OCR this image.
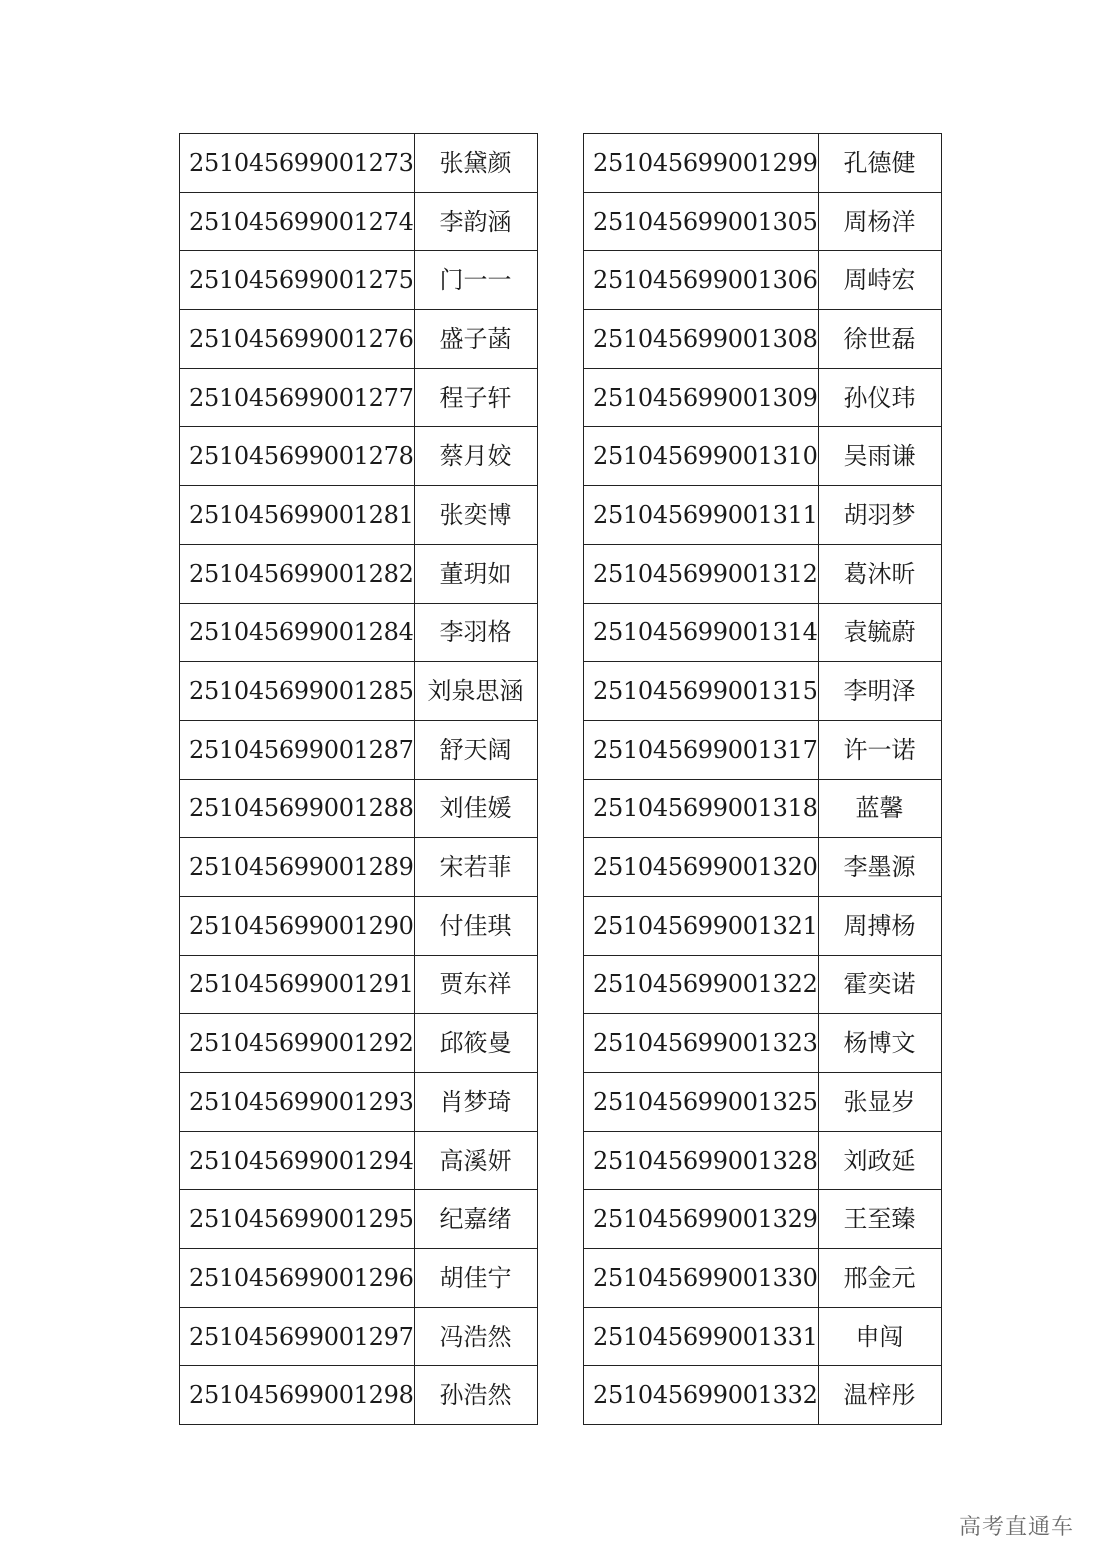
251045699001273	张黛颜
251045699001274	李韵涵
251045699001275	门一一
251045699001276	盛子菡
251045699001277	程子轩
251045699001278	蔡月姣
251045699001281	张奕博
251045699001282	董玥如
251045699001284	李羽格
251045699001285	刘泉思涵
251045699001287	舒天阔
251045699001288	刘佳媛
251045699001289	宋若菲
251045699001290	付佳琪
251045699001291	贾东祥
251045699001292	邱筱曼
251045699001293	肖梦琦
251045699001294	高溪妍
251045699001295	纪嘉绪
251045699001296	胡佳宁
251045699001297	冯浩然
251045699001298	孙浩然
251045699001299	孔德健
251045699001305	周杨洋
251045699001306	周峙宏
251045699001308	徐世磊
251045699001309	孙仪玮
251045699001310	吴雨谦
251045699001311	胡羽梦
251045699001312	葛沐昕
251045699001314	袁毓蔚
251045699001315	李明泽
251045699001317	许一诺
251045699001318	蓝馨
251045699001320	李墨源
251045699001321	周搏杨
251045699001322	霍奕诺
251045699001323	杨博文
251045699001325	张显岁
251045699001328	刘政延
251045699001329	王至臻
251045699001330	邢金元
251045699001331	申闯
251045699001332	温梓彤
高考直通车
